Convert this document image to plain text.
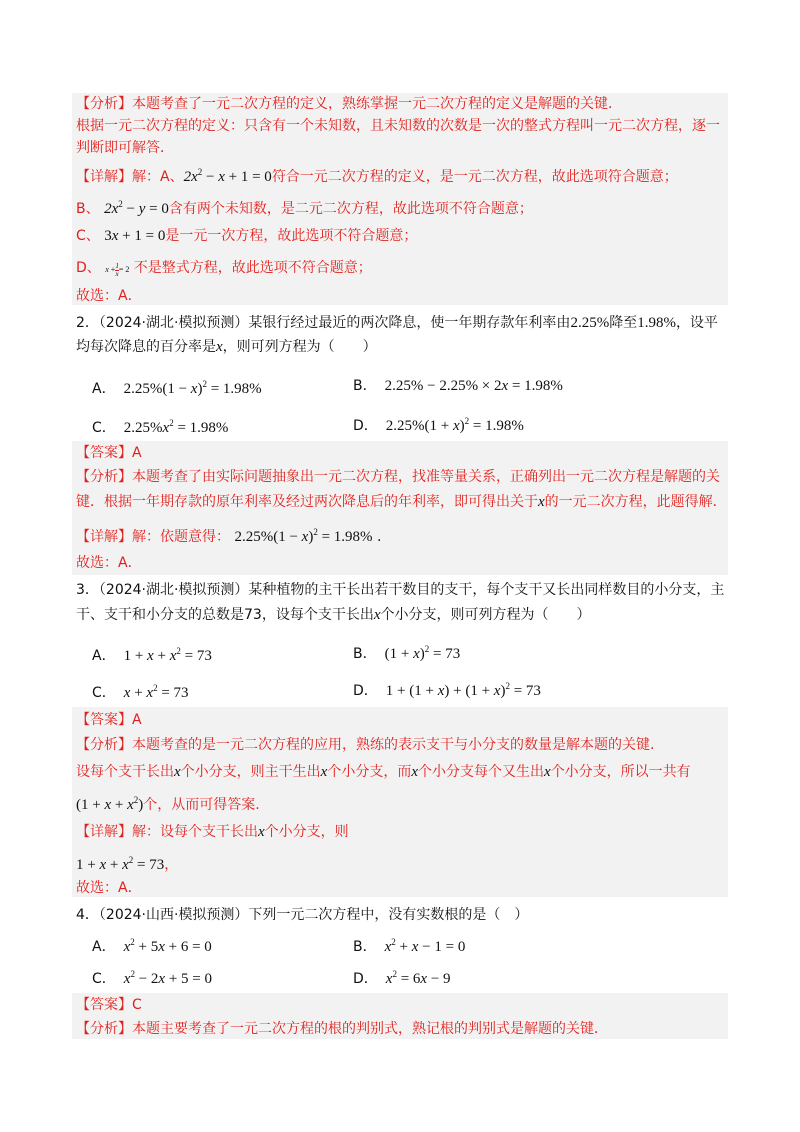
【分析】本题考查了一元二次方程的定义，熟练掌握一元二次方程的定义是解题的关键．
根据一元二次方程的定义：只含有一个未知数，且未知数的次数是一次的整式方程叫一元二次方程，逐一
判断即可解答．
【详解】解：A、$2x^2 - x + 1 = 0$符合一元二次方程的定义，是一元二次方程，故此选项符合题意；
B、 $2x^2 - y = 0$含有两个未知数，是二元二次方程，故此选项不符合题意；
C、 3x + 1 = 0是一元一次方程，故此选项不符合题意；
D、 $x + \frac{1}{x} = 2$ 不是整式方程，故此选项不符合题意；
故选：A．
2．（2024·湖北·模拟预测）某银行经过最近的两次降息，使一年期存款年利率由2.25%降至1.98%，设平
均每次降息的百分率是x，则可列方程为（　　）
A． $2.25\%(1 - x)^2 = 1.98\%$	B． 2.25% − 2.25% × 2x = 1.98%
C． $2.25\%x^2 = 1.98\%$	D． $2.25\%(1 + x)^2 = 1.98\%$
【答案】A
【分析】本题考查了由实际问题抽象出一元二次方程，找准等量关系，正确列出一元二次方程是解题的关
键．根据一年期存款的原年利率及经过两次降息后的年利率，即可得出关于x的一元二次方程，此题得解．
【详解】解：依题意得： $2.25\%(1 - x)^2 = 1.98\%$ .
故选：A．
3．（2024·湖北·模拟预测）某种植物的主干长出若干数目的支干，每个支干又长出同样数目的小分支，主
干、支干和小分支的总数是73，设每个支干长出x个小分支，则可列方程为（　　）
A． $1 + x + x^2 = 73$	B． $(1 + x)^2 = 73$
C． $x + x^2 = 73$	D． $1 + (1 + x) + (1 + x)^2 = 73$
【答案】A
【分析】本题考查的是一元二次方程的应用，熟练的表示支干与小分支的数量是解本题的关键.
设每个支干长出x个小分支，则主干生出x个小分支，而x个小分支每个又生出x个小分支，所以一共有
$(1 + x + x^2)$个，从而可得答案.
【详解】解：设每个支干长出x个小分支，则
$1 + x + x^2 = 73$，
故选：A．
4．（2024·山西·模拟预测）下列一元二次方程中，没有实数根的是（　）
A． $x^2 + 5x + 6 = 0$	B． $x^2 + x - 1 = 0$
C． $x^2 - 2x + 5 = 0$	D． $x^2 = 6x - 9$
【答案】C
【分析】本题主要考查了一元二次方程的根的判别式，熟记根的判别式是解题的关键．
